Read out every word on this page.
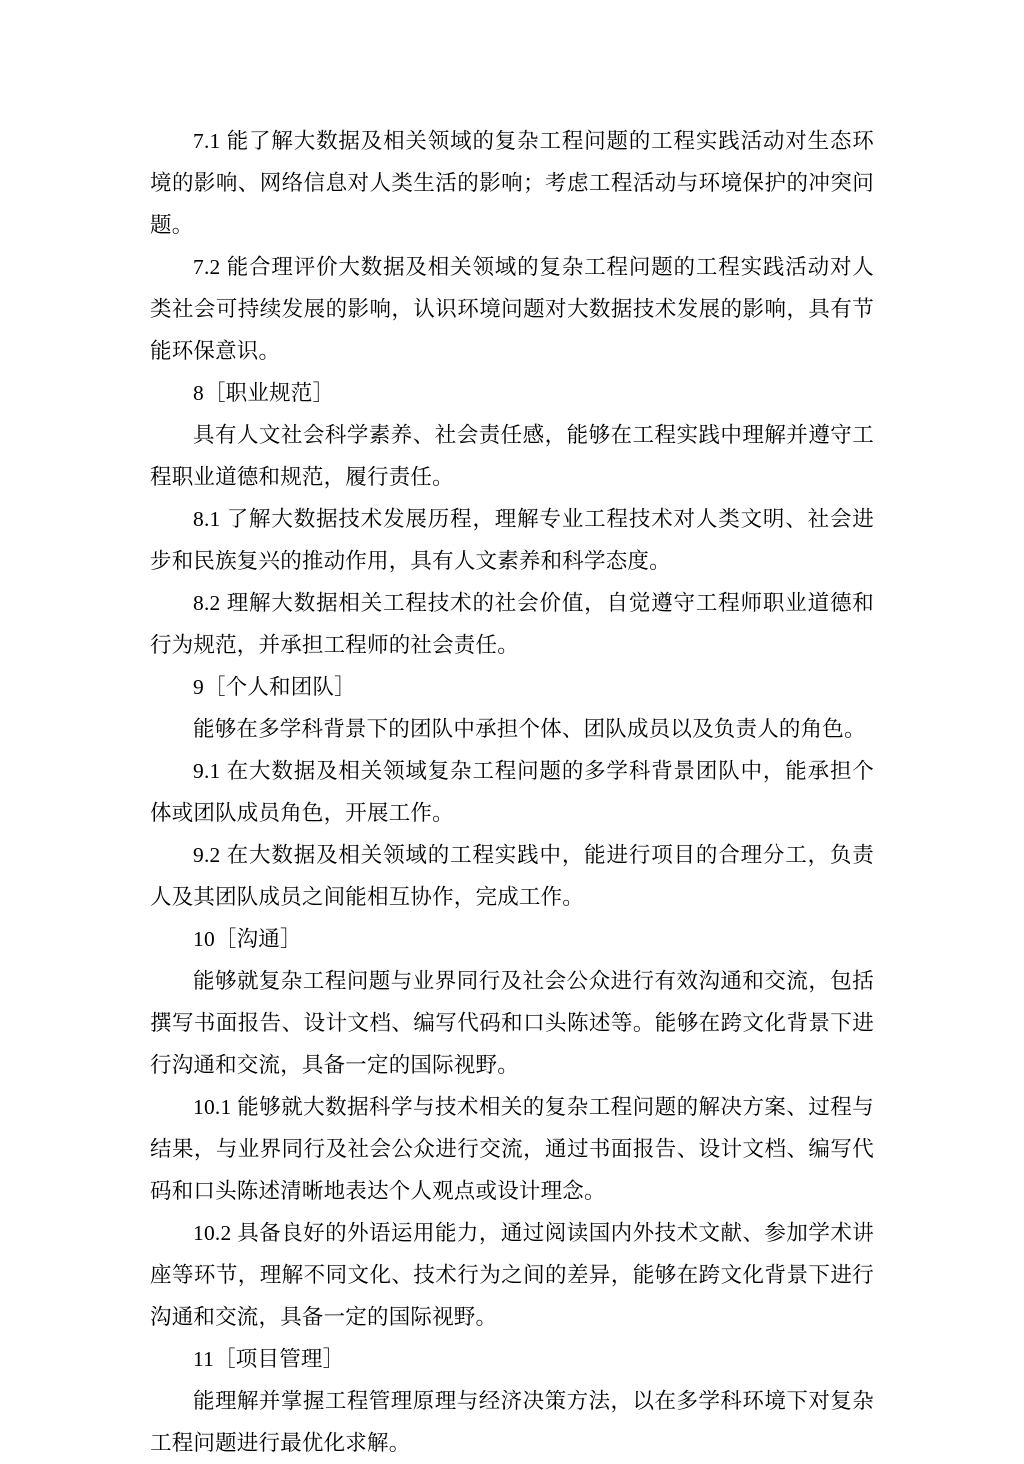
7.1 能了解大数据及相关领域的复杂工程问题的工程实践活动对生态环境的影响、网络信息对人类生活的影响；考虑工程活动与环境保护的冲突问题。

7.2 能合理评价大数据及相关领域的复杂工程问题的工程实践活动对人类社会可持续发展的影响，认识环境问题对大数据技术发展的影响，具有节能环保意识。

8［职业规范］

具有人文社会科学素养、社会责任感，能够在工程实践中理解并遵守工程职业道德和规范，履行责任。

8.1 了解大数据技术发展历程，理解专业工程技术对人类文明、社会进步和民族复兴的推动作用，具有人文素养和科学态度。

8.2 理解大数据相关工程技术的社会价值，自觉遵守工程师职业道德和行为规范，并承担工程师的社会责任。

9［个人和团队］

能够在多学科背景下的团队中承担个体、团队成员以及负责人的角色。

9.1 在大数据及相关领域复杂工程问题的多学科背景团队中，能承担个体或团队成员角色，开展工作。

9.2 在大数据及相关领域的工程实践中，能进行项目的合理分工，负责人及其团队成员之间能相互协作，完成工作。

10［沟通］

能够就复杂工程问题与业界同行及社会公众进行有效沟通和交流，包括撰写书面报告、设计文档、编写代码和口头陈述等。能够在跨文化背景下进行沟通和交流，具备一定的国际视野。

10.1 能够就大数据科学与技术相关的复杂工程问题的解决方案、过程与结果，与业界同行及社会公众进行交流，通过书面报告、设计文档、编写代码和口头陈述清晰地表达个人观点或设计理念。

10.2 具备良好的外语运用能力，通过阅读国内外技术文献、参加学术讲座等环节，理解不同文化、技术行为之间的差异，能够在跨文化背景下进行沟通和交流，具备一定的国际视野。

11［项目管理］

能理解并掌握工程管理原理与经济决策方法，以在多学科环境下对复杂工程问题进行最优化求解。
